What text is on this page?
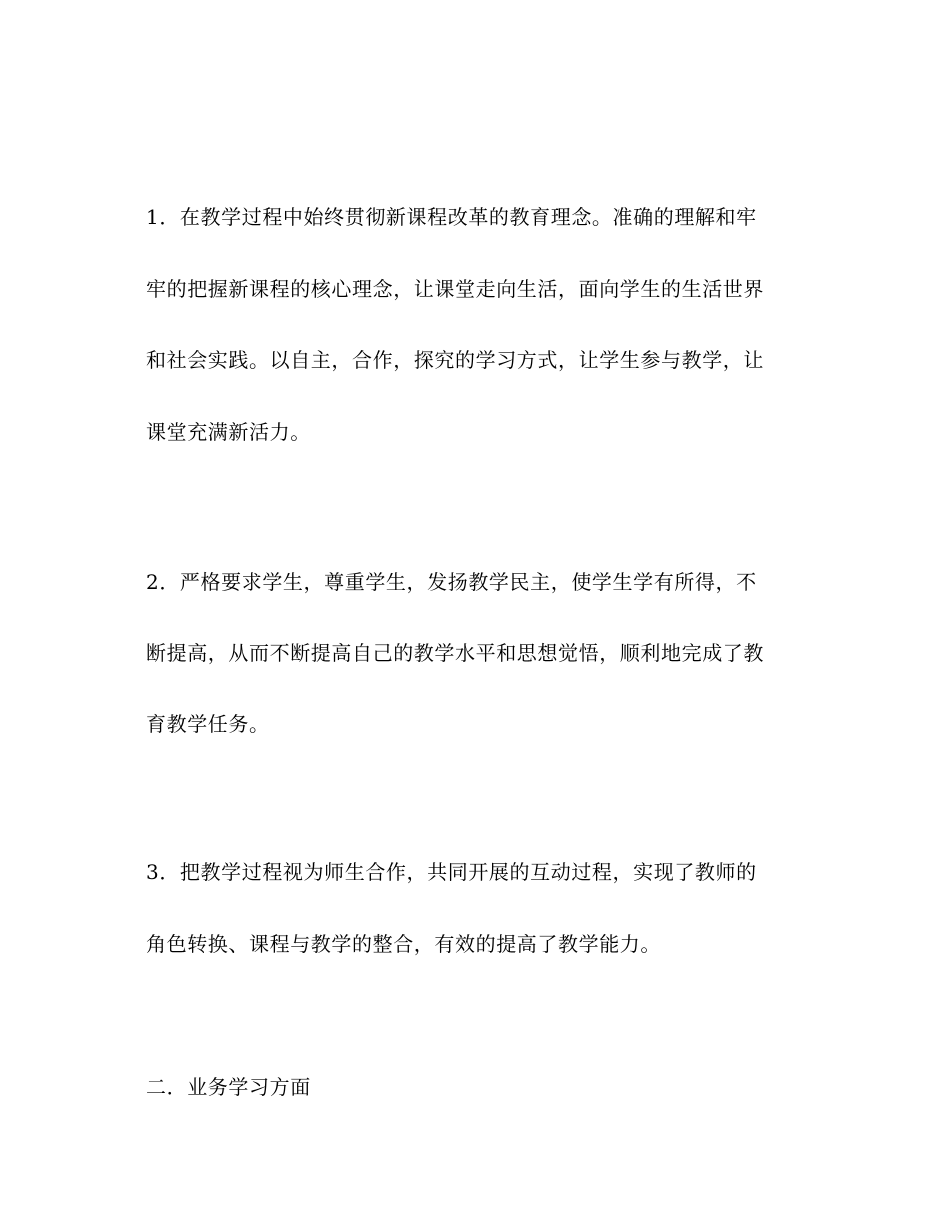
1．在教学过程中始终贯彻新课程改革的教育理念。准确的理解和牢
牢的把握新课程的核心理念，让课堂走向生活，面向学生的生活世界
和社会实践。以自主，合作，探究的学习方式，让学生参与教学，让
课堂充满新活力。
2．严格要求学生，尊重学生，发扬教学民主，使学生学有所得，不
断提高，从而不断提高自己的教学水平和思想觉悟，顺利地完成了教
育教学任务。
3．把教学过程视为师生合作，共同开展的互动过程，实现了教师的
角色转换、课程与教学的整合，有效的提高了教学能力。
二．业务学习方面
